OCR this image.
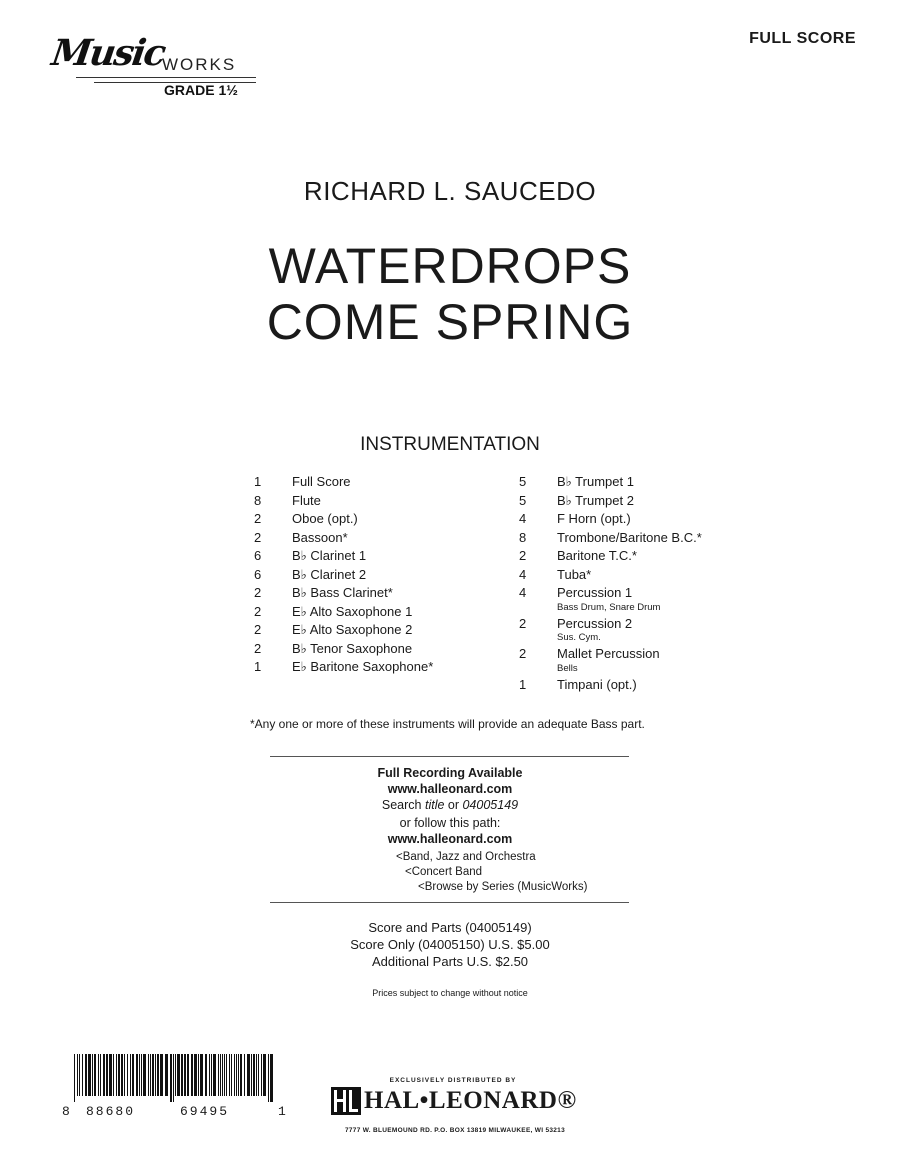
Music
WORKS
GRADE 1½
FULL SCORE
RICHARD L. SAUCEDO
WATERDROPS
COME SPRING
INSTRUMENTATION
1	Full Score
8	Flute
2	Oboe (opt.)
2	Bassoon*
6	B♭ Clarinet 1
6	B♭ Clarinet 2
2	B♭ Bass Clarinet*
2	E♭ Alto Saxophone 1
2	E♭ Alto Saxophone 2
2	B♭ Tenor Saxophone
1	E♭ Baritone Saxophone*
5	B♭ Trumpet 1
5	B♭ Trumpet 2
4	F Horn (opt.)
8	Trombone/Baritone B.C.*
2	Baritone T.C.*
4	Tuba*
4	Percussion 1
Bass Drum, Snare Drum
2	Percussion 2
Sus. Cym.
2	Mallet Percussion
Bells
1	Timpani (opt.)
*Any one or more of these instruments will provide an adequate Bass part.
Full Recording Available
www.halleonard.com
Search title or 04005149
or follow this path:
www.halleonard.com
<Band, Jazz and Orchestra
<Concert Band
<Browse by Series (MusicWorks)
Score and Parts (04005149)
Score Only (04005150) U.S. $5.00
Additional Parts U.S. $2.50
Prices subject to change without notice
8 88680	69495	1
EXCLUSIVELY DISTRIBUTED BY
HAL•LEONARD®
7777 W. BLUEMOUND RD. P.O. BOX 13819 MILWAUKEE, WI 53213
